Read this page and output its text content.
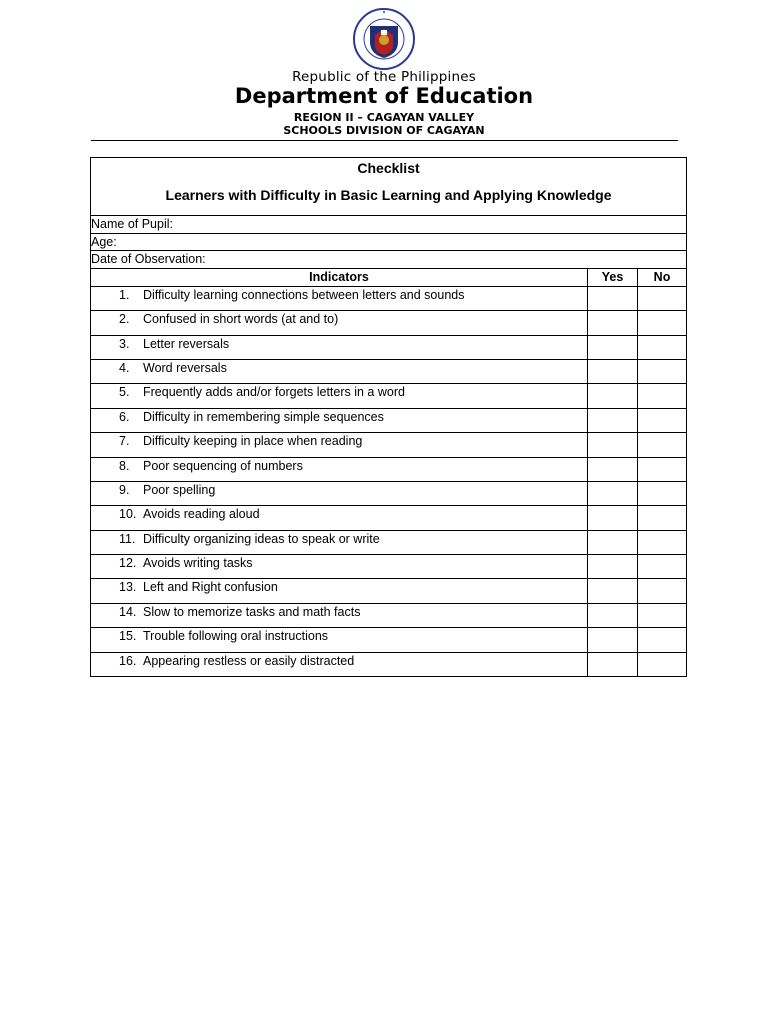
Republic of the Philippines
Department of Education
REGION II – CAGAYAN VALLEY
SCHOOLS DIVISION OF CAGAYAN
Checklist
Learners with Difficulty in Basic Learning and Applying Knowledge		

Name of Pupil:		
Age:		
Date of Observation:		
Indicators	Yes	No
1. Difficulty learning connections between letters and sounds		
2. Confused in short words (at and to)		
3. Letter reversals		
4. Word reversals		
5. Frequently adds and/or forgets letters in a word		
6. Difficulty in remembering simple sequences		
7. Difficulty keeping in place when reading		
8. Poor sequencing of numbers		
9. Poor spelling		
10. Avoids reading aloud		
11. Difficulty organizing ideas to speak or write		
12. Avoids writing tasks		
13. Left and Right confusion		
14. Slow to memorize tasks and math facts		
15. Trouble following oral instructions		
16. Appearing restless or easily distracted		
